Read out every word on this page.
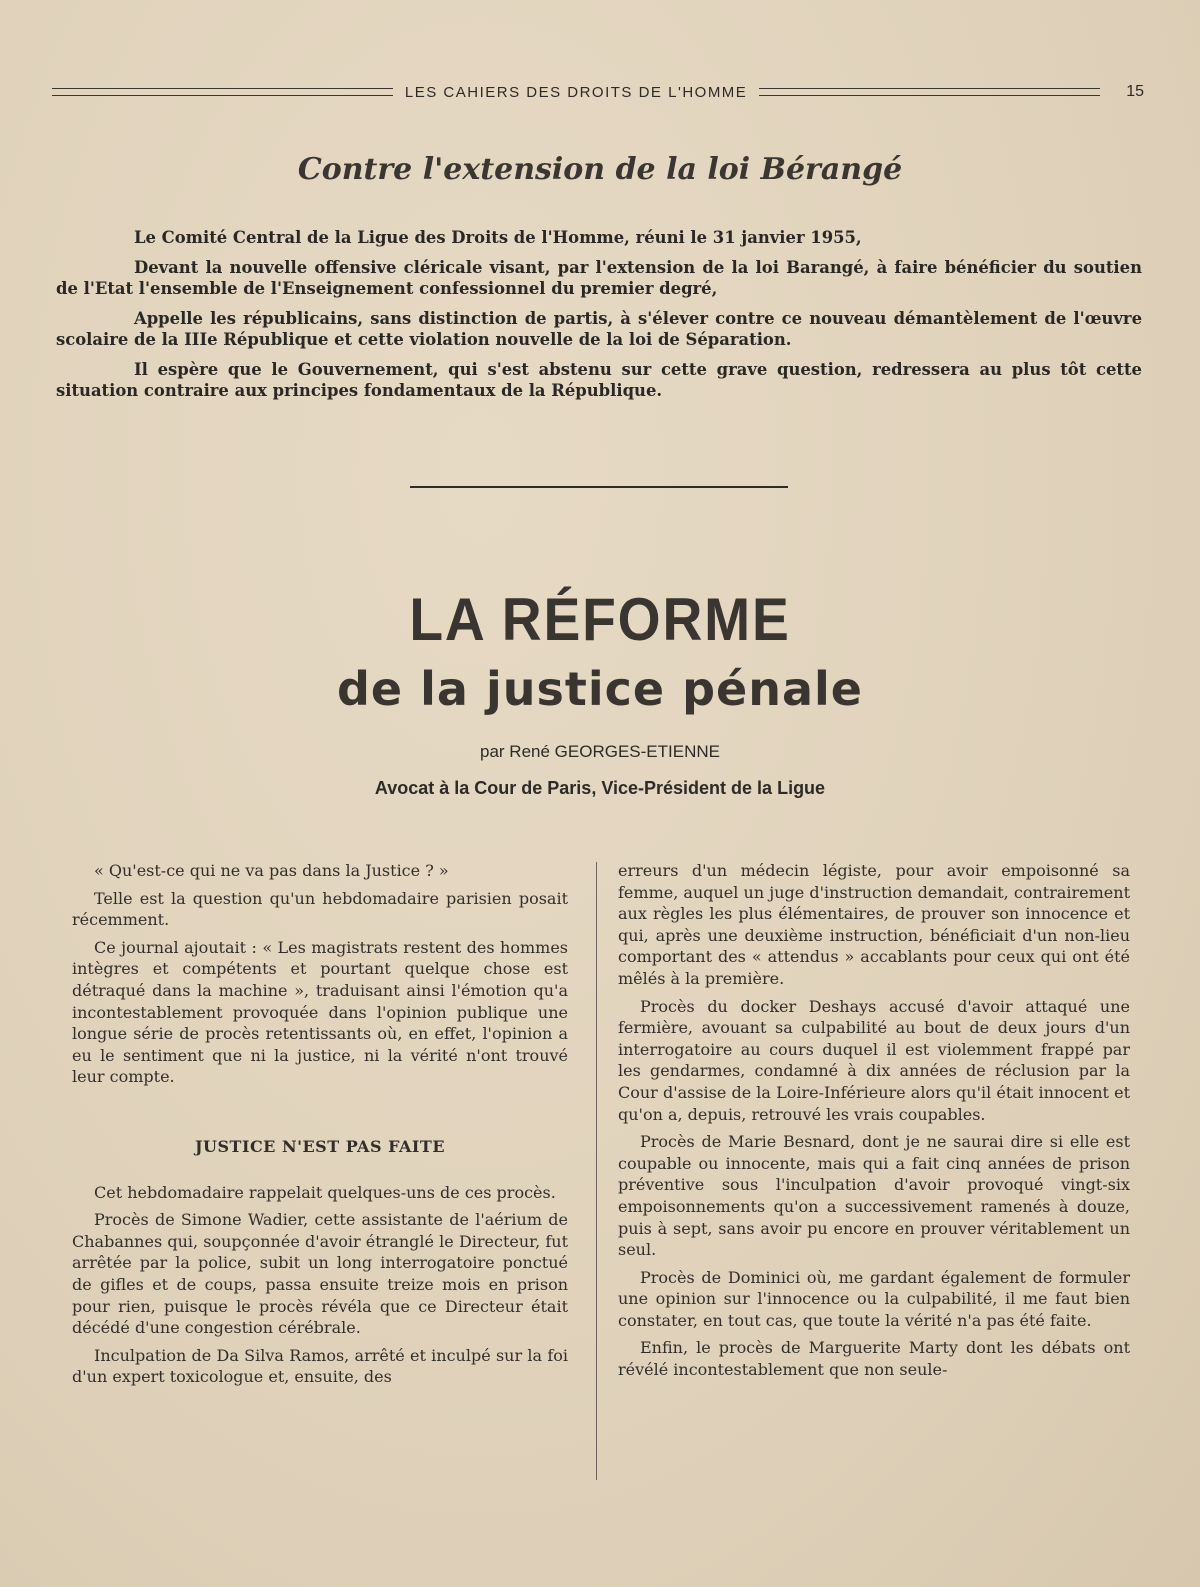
LES CAHIERS DES DROITS DE L'HOMME	15
Contre l'extension de la loi Bérangé

Le Comité Central de la Ligue des Droits de l'Homme, réuni le 31 janvier 1955,

Devant la nouvelle offensive cléricale visant, par l'extension de la loi Barangé, à faire bénéficier du soutien de l'Etat l'ensemble de l'Enseignement confessionnel du premier degré,

Appelle les républicains, sans distinction de partis, à s'élever contre ce nouveau démantèlement de l'œuvre scolaire de la IIIe République et cette violation nouvelle de la loi de Séparation.

Il espère que le Gouvernement, qui s'est abstenu sur cette grave question, redressera au plus tôt cette situation contraire aux principes fondamentaux de la République.

LA RÉFORME
de la justice pénale
par René GEORGES-ETIENNE
Avocat à la Cour de Paris, Vice-Président de la Ligue

« Qu'est-ce qui ne va pas dans la Justice ? »

Telle est la question qu'un hebdomadaire parisien posait récemment.

Ce journal ajoutait : « Les magistrats restent des hommes intègres et compétents et pourtant quelque chose est détraqué dans la machine », traduisant ainsi l'émotion qu'a incontestablement provoquée dans l'opinion publique une longue série de procès retentissants où, en effet, l'opinion a eu le sentiment que ni la justice, ni la vérité n'ont trouvé leur compte.

JUSTICE N'EST PAS FAITE

Cet hebdomadaire rappelait quelques-uns de ces procès.

Procès de Simone Wadier, cette assistante de l'aérium de Chabannes qui, soupçonnée d'avoir étranglé le Directeur, fut arrêtée par la police, subit un long interrogatoire ponctué de gifles et de coups, passa ensuite treize mois en prison pour rien, puisque le procès révéla que ce Directeur était décédé d'une congestion cérébrale.

Inculpation de Da Silva Ramos, arrêté et inculpé sur la foi d'un expert toxicologue et, ensuite, des

erreurs d'un médecin légiste, pour avoir empoisonné sa femme, auquel un juge d'instruction demandait, contrairement aux règles les plus élémentaires, de prouver son innocence et qui, après une deuxième instruction, bénéficiait d'un non-lieu comportant des « attendus » accablants pour ceux qui ont été mêlés à la première.

Procès du docker Deshays accusé d'avoir attaqué une fermière, avouant sa culpabilité au bout de deux jours d'un interrogatoire au cours duquel il est violemment frappé par les gendarmes, condamné à dix années de réclusion par la Cour d'assise de la Loire-Inférieure alors qu'il était innocent et qu'on a, depuis, retrouvé les vrais coupables.

Procès de Marie Besnard, dont je ne saurai dire si elle est coupable ou innocente, mais qui a fait cinq années de prison préventive sous l'inculpation d'avoir provoqué vingt-six empoisonnements qu'on a successivement ramenés à douze, puis à sept, sans avoir pu encore en prouver véritablement un seul.

Procès de Dominici où, me gardant également de formuler une opinion sur l'innocence ou la culpabilité, il me faut bien constater, en tout cas, que toute la vérité n'a pas été faite.

Enfin, le procès de Marguerite Marty dont les débats ont révélé incontestablement que non seule-
